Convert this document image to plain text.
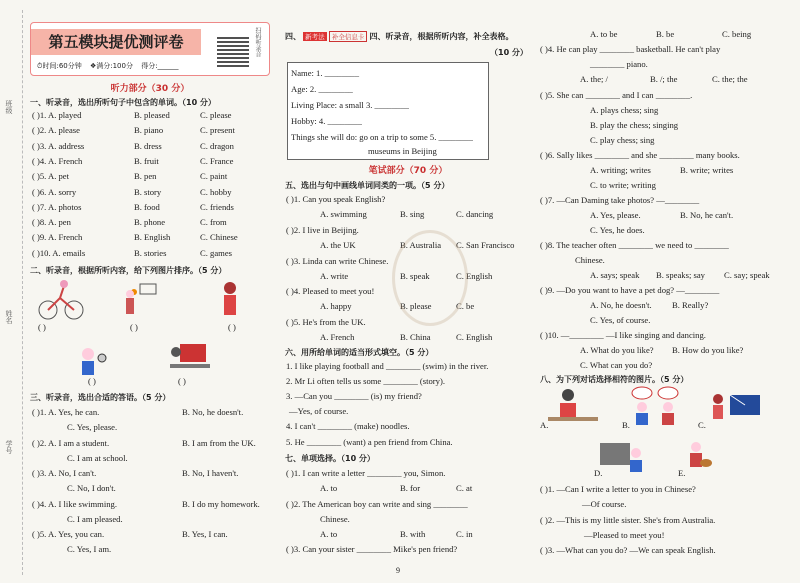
班级
姓名
学号
第五模块提优测评卷	扫码听录音
⏱时间:60分钟 ❖满分:100分 得分:______
听力部分（30 分）
一、听录音，选出所听句子中包含的单词。（10 分）
( )1. A. played	B. pleased	C. please
( )2. A. please	B. piano	C. present
( )3. A. address	B. dress	C. dragon
( )4. A. French	B. fruit	C. France
( )5. A. pet	B. pen	C. paint
( )6. A. sorry	B. story	C. hobby
( )7. A. photos	B. food	C. friends
( )8. A. pen	B. phone	C. from
( )9. A. French	B. English	C. Chinese
( )10. A. emails	B. stories	C. games
二、听录音，根据所听内容，给下列图片排序。（5 分）
( )	( )	( )
( )	( )
三、听录音，选出合适的答语。（5 分）
( )1. A. Yes, he can.	B. No, he doesn't.
C. Yes, please.
( )2. A. I am a student.	B. I am from the UK.
C. I am at school.
( )3. A. No, I can't.	B. No, I haven't.
C. No, I don't.
( )4. A. I like swimming.	B. I do my homework.
C. I am pleased.
( )5. A. Yes, you can.	B. Yes, I can.
C. Yes, I am.
四、 新考法 补全信息卡 四、听录音，根据所听内容，补全表格。
（10 分）
Name: 1. ________
Age: 2. ________
Living Place: a small 3. ________
Hobby: 4. ________
Things she will do: go on a trip to some 5. ________
museums in Beijing
笔试部分（70 分）
五、选出与句中画线单词同类的一项。（5 分）
( )1. Can you speak English?
A. swimming	B. sing	C. dancing
( )2. I live in Beijing.
A. the UK	B. Australia C. San Francisco
( )3. Linda can write Chinese.
A. write	B. speak	C. English
( )4. Pleased to meet you!
A. happy	B. please	C. be
( )5. He's from the UK.
A. French	B. China	C. English
六、用所给单词的适当形式填空。（5 分）
1. I like playing football and ________ (swim) in the river.
2. Mr Li often tells us some ________ (story).
3. —Can you ________ (is) my friend?
—Yes, of course.
4. I can't ________ (make) noodles.
5. He ________ (want) a pen friend from China.
七、单项选择。（10 分）
( )1. I can write a letter ________ you, Simon.
A. to	B. for	C. at
( )2. The American boy can write and sing ________
Chinese.
A. to	B. with	C. in
( )3. Can your sister ________ Mike's pen friend?
A. to be	B. be	C. being
( )4. He can play ________ basketball. He can't play
________ piano.
A. the; /	B. /; the	C. the; the
( )5. She can ________ and I can ________.
A. plays chess; sing
B. play the chess; singing
C. play chess; sing
( )6. Sally likes ________ and she ________ many books.
A. writing; writes	B. write; writes
C. to write; writing
( )7. —Can Daming take photos? —________
A. Yes, please.	B. No, he can't.
C. Yes, he does.
( )8. The teacher often ________ we need to ________
Chinese.
A. says; speak B. speaks; say C. say; speak
( )9. —Do you want to have a pet dog? —________
A. No, he doesn't. B. Really?
C. Yes, of course.
( )10. —________ —I like singing and dancing.
A. What do you like? B. How do you like?
C. What can you do?
八、为下列对话选择相符的图片。（5 分）
A.	B.	C.
D.	E.
( )1. —Can I write a letter to you in Chinese?
—Of course.
( )2. —This is my little sister. She's from Australia.
—Pleased to meet you!
( )3. —What can you do? —We can speak English.
9
